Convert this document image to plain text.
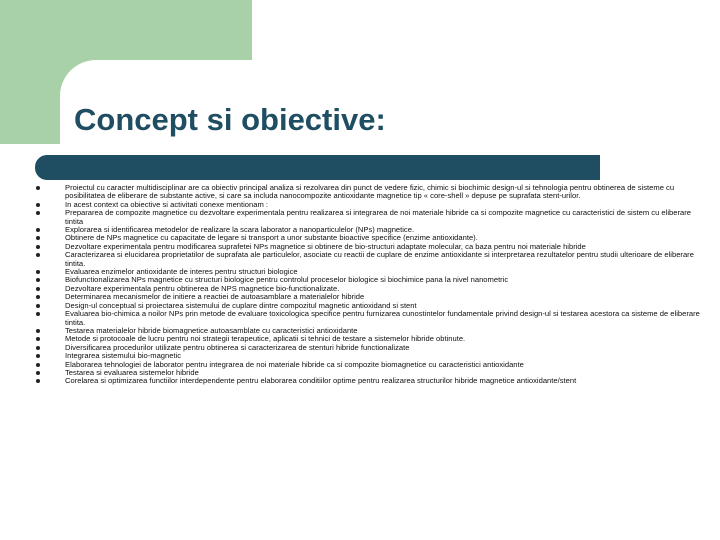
Concept si obiective:
Proiectul cu caracter multidisciplinar are ca obiectiv principal analiza si rezolvarea din punct de vedere fizic, chimic si biochimic design-ul si tehnologia pentru obtinerea de sisteme cu posibilitatea de eliberare de substante active, si care sa includa nanocompozite antioxidante magnetice tip « core-shell » depuse pe suprafata stent-urilor.
In acest context ca obiective si activitati conexe mentionam :
Prepararea de compozite magnetice cu dezvoltare experimentala pentru realizarea si integrarea de noi materiale hibride ca si compozite magnetice cu caracteristici de sistem cu eliberare tintita
Explorarea si identificarea metodelor de realizare la scara laborator a nanoparticulelor (NPs) magnetice.
Obtinere de NPs magnetice cu capacitate de legare si transport a unor substante bioactive specifice (enzime antioxidante).
Dezvoltare experimentala pentru modificarea suprafetei NPs magnetice si obtinere de bio-structuri adaptate molecular, ca baza pentru noi materiale hibride
Caracterizarea si elucidarea proprietatilor de suprafata ale particulelor, asociate cu reactii de cuplare de enzime antioxidante si interpretarea rezultatelor pentru studii ulterioare de eliberare tintita.
Evaluarea enzimelor antioxidante de interes pentru structuri biologice
Biofunctionalizarea NPs magnetice cu structuri biologice pentru controlul proceselor biologice si biochimice pana la nivel nanometric
Dezvoltare experimentala pentru obtinerea de NPS magnetice bio-functionalizate.
Determinarea mecanismelor de initiere a reactiei de autoasamblare a materialelor hibride
Design-ul conceptual si proiectarea sistemului de cuplare dintre compozitul magnetic antioxidand si stent
Evaluarea bio-chimica a noilor NPs prin metode de evaluare toxicologica specifice pentru furnizarea cunostintelor fundamentale privind design-ul si testarea acestora ca sisteme de eliberare tintita.
Testarea materialelor hibride biomagnetice autoasamblate cu caracteristici antioxidante
Metode si protocoale de lucru pentru noi strategii terapeutice, aplicatii si tehnici de testare a sistemelor hibride obtinute.
Diversificarea procedurilor utilizate pentru obtinerea si caracterizarea de stenturi hibride functionalizate
Integrarea sistemului bio-magnetic
Elaborarea tehnologiei de laborator pentru integrarea de noi materiale hibride ca si compozite biomagnetice cu caracteristici antioxidante
Testarea si evaluarea sistemelor hibride
Corelarea si optimizarea functiilor interdependente pentru elaborarea conditiilor optime pentru realizarea structurilor hibride magnetice antioxidante/stent
